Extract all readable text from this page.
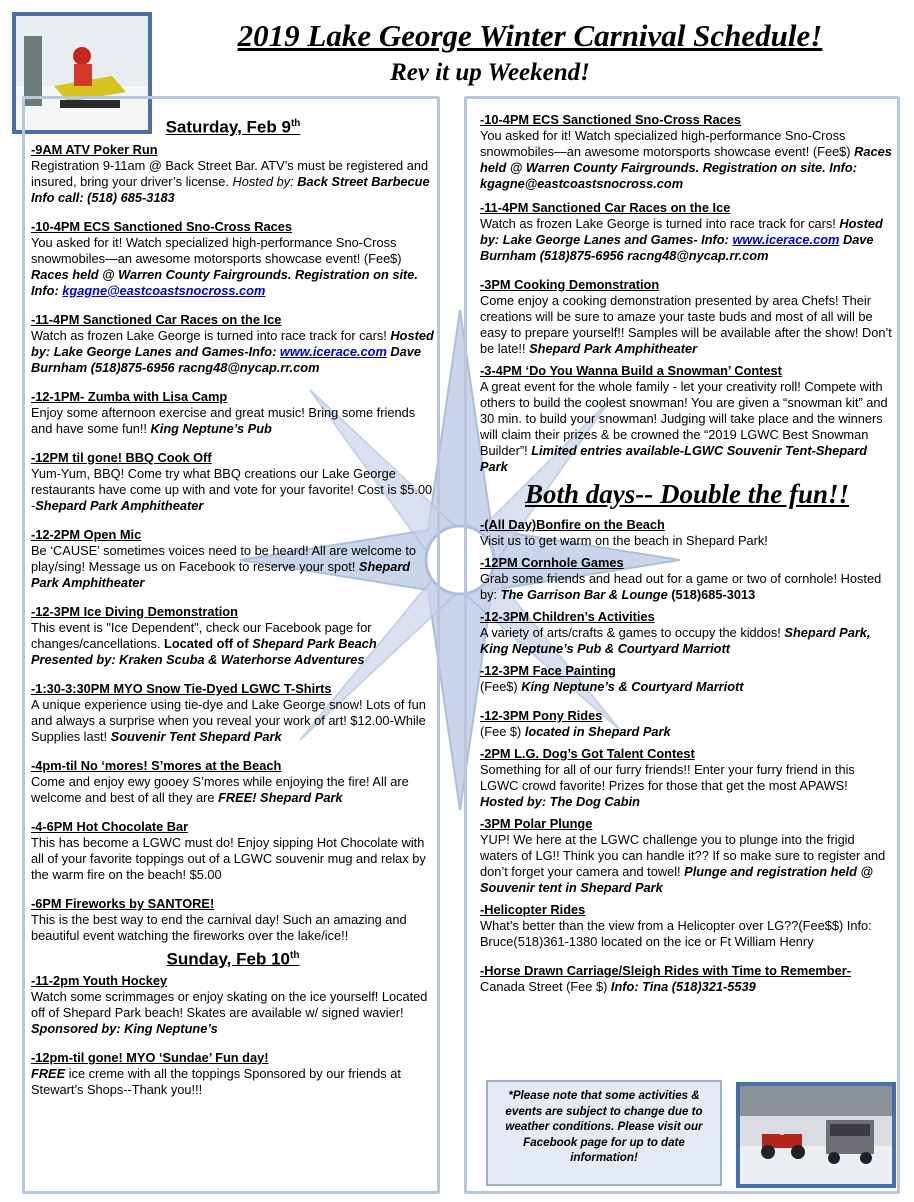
2019 Lake George Winter Carnival Schedule!
Rev it up Weekend!
Saturday, Feb 9th
-9AM ATV Poker Run
Registration 9-11am @ Back Street Bar. ATV’s must be registered and insured, bring your driver’s license. Hosted by: Back Street Barbecue Info call: (518) 685-3183
-10-4PM ECS Sanctioned Sno-Cross Races
You asked for it! Watch specialized high-performance Sno-Cross snowmobiles—an awesome motorsports showcase event! (Fee$) Races held @ Warren County Fairgrounds. Registration on site. Info: kgagne@eastcoastsnocross.com
-11-4PM Sanctioned Car Races on the Ice
Watch as frozen Lake George is turned into race track for cars! Hosted by: Lake George Lanes and Games-Info: www.icerace.com Dave Burnham (518)875-6956 racng48@nycap.rr.com
-12-1PM- Zumba with Lisa Camp
Enjoy some afternoon exercise and great music! Bring some friends and have some fun!! King Neptune’s Pub
-12PM til gone! BBQ Cook Off
Yum-Yum, BBQ! Come try what BBQ creations our Lake George restaurants have come up with and vote for your favorite! Cost is $5.00 -Shepard Park Amphitheater
-12-2PM Open Mic
Be ‘CAUSE’ sometimes voices need to be heard! All are welcome to play/sing! Message us on Facebook to reserve your spot! Shepard Park Amphitheater
-12-3PM Ice Diving Demonstration
This event is "Ice Dependent", check our Facebook page for changes/cancellations. Located off of Shepard Park Beach Presented by: Kraken Scuba & Waterhorse Adventures
-1:30-3:30PM MYO Snow Tie-Dyed LGWC T-Shirts
A unique experience using tie-dye and Lake George snow! Lots of fun and always a surprise when you reveal your work of art! $12.00-While Supplies last! Souvenir Tent Shepard Park
-4pm-til No ‘mores! S’mores at the Beach
Come and enjoy ewy gooey S’mores while enjoying the fire! All are welcome and best of all they are FREE! Shepard Park
-4-6PM Hot Chocolate Bar
This has become a LGWC must do! Enjoy sipping Hot Chocolate with all of your favorite toppings out of a LGWC souvenir mug and relax by the warm fire on the beach! $5.00
-6PM Fireworks by SANTORE!
This is the best way to end the carnival day! Such an amazing and beautiful event watching the fireworks over the lake/ice!!
Sunday, Feb 10th
-11-2pm Youth Hockey
Watch some scrimmages or enjoy skating on the ice yourself! Located off of Shepard Park beach! Skates are available w/ signed wavier! Sponsored by: King Neptune’s
-12pm-til gone! MYO ‘Sundae’ Fun day!
FREE ice creme with all the toppings Sponsored by our friends at Stewart’s Shops--Thank you!!!
-10-4PM ECS Sanctioned Sno-Cross Races
You asked for it! Watch specialized high-performance Sno-Cross snowmobiles—an awesome motorsports showcase event! (Fee$) Races held @ Warren County Fairgrounds. Registration on site. Info: kgagne@eastcoastsnocross.com
-11-4PM Sanctioned Car Races on the Ice
Watch as frozen Lake George is turned into race track for cars! Hosted by: Lake George Lanes and Games- Info: www.icerace.com Dave Burnham (518)875-6956 racng48@nycap.rr.com
-3PM Cooking Demonstration
Come enjoy a cooking demonstration presented by area Chefs! Their creations will be sure to amaze your taste buds and most of all will be easy to prepare yourself!! Samples will be available after the show! Don’t be late!! Shepard Park Amphitheater
-3-4PM ‘Do You Wanna Build a Snowman’ Contest
A great event for the whole family - let your creativity roll! Compete with others to build the coolest snowman! You are given a “snowman kit” and 30 min. to build your snowman! Judging will take place and the winners will claim their prizes & be crowned the “2019 LGWC Best Snowman Builder”! Limited entries available-LGWC Souvenir Tent-Shepard Park
Both days-- Double the fun!!
-(All Day)Bonfire on the Beach
Visit us to get warm on the beach in Shepard Park!
-12PM Cornhole Games
Grab some friends and head out for a game or two of cornhole! Hosted by: The Garrison Bar & Lounge (518)685-3013
-12-3PM Children’s Activities
A variety of arts/crafts & games to occupy the kiddos! Shepard Park, King Neptune’s Pub & Courtyard Marriott
-12-3PM Face Painting
(Fee$) King Neptune’s & Courtyard Marriott
-12-3PM Pony Rides
(Fee $) located in Shepard Park
-2PM L.G. Dog’s Got Talent Contest
Something for all of our furry friends!! Enter your furry friend in this LGWC crowd favorite! Prizes for those that get the most APAWS! Hosted by: The Dog Cabin
-3PM Polar Plunge
YUP! We here at the LGWC challenge you to plunge into the frigid waters of LG!! Think you can handle it?? If so make sure to register and don’t forget your camera and towel! Plunge and registration held @ Souvenir tent in Shepard Park
-Helicopter Rides
What’s better than the view from a Helicopter over LG??(Fee$$) Info: Bruce(518)361-1380 located on the ice or Ft William Henry
-Horse Drawn Carriage/Sleigh Rides with Time to Remember-Canada Street (Fee $) Info: Tina (518)321-5539
*Please note that some activities & events are subject to change due to weather conditions. Please visit our Facebook page for up to date information!
